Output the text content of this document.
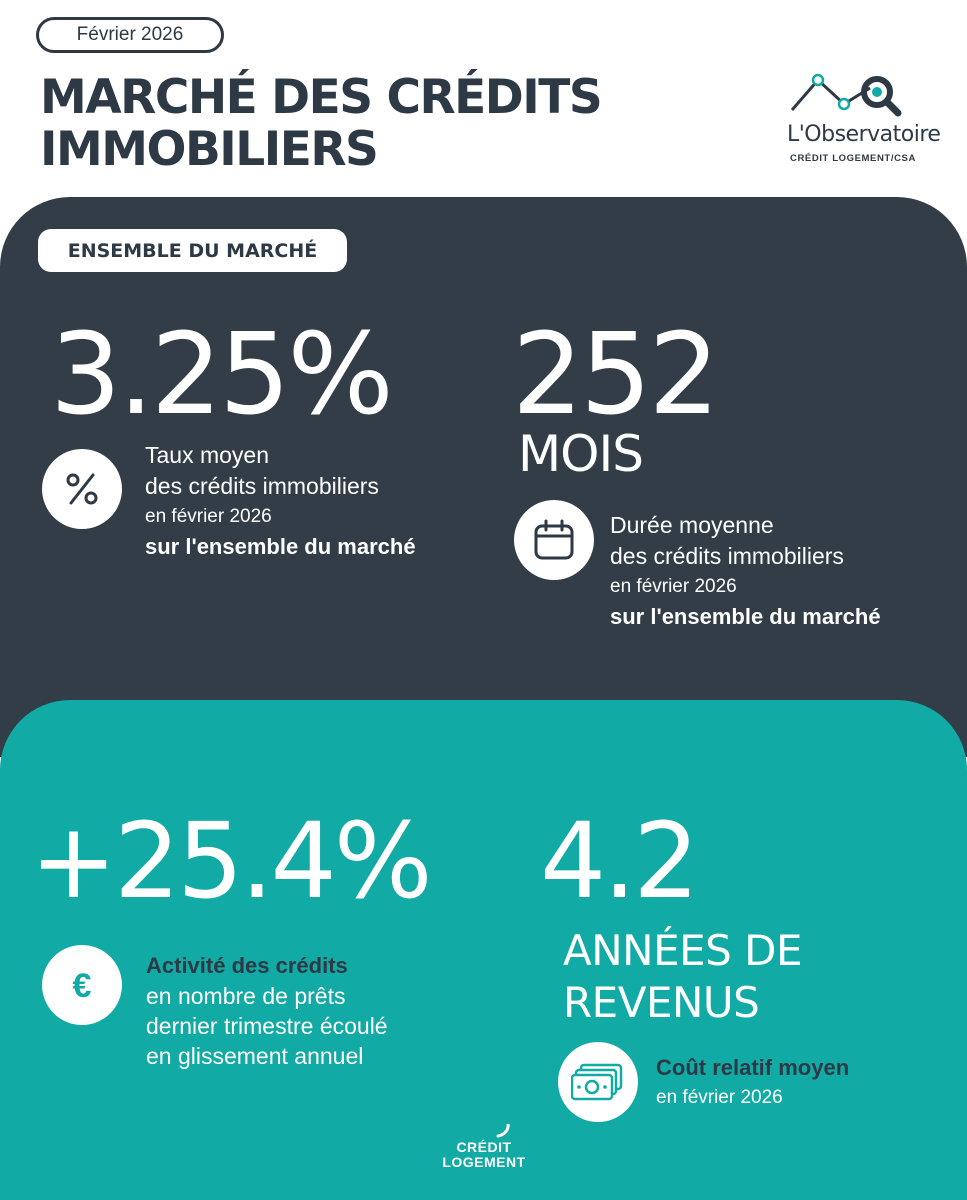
Février 2026
MARCHÉ DES CRÉDITS
IMMOBILIERS	L'Observatoire
CRÉDIT LOGEMENT/CSA
ENSEMBLE DU MARCHÉ
3.25%
Taux moyen
des crédits immobiliers
en février 2026
sur l'ensemble du marché
252
MOIS
Durée moyenne
des crédits immobiliers
en février 2026
sur l'ensemble du marché
+25.4%
€
Activité des crédits
en nombre de prêts
dernier trimestre écoulé
en glissement annuel
4.2
ANNÉES DE
REVENUS
Coût relatif moyen
en février 2026
CRÉDIT
LOGEMENT
